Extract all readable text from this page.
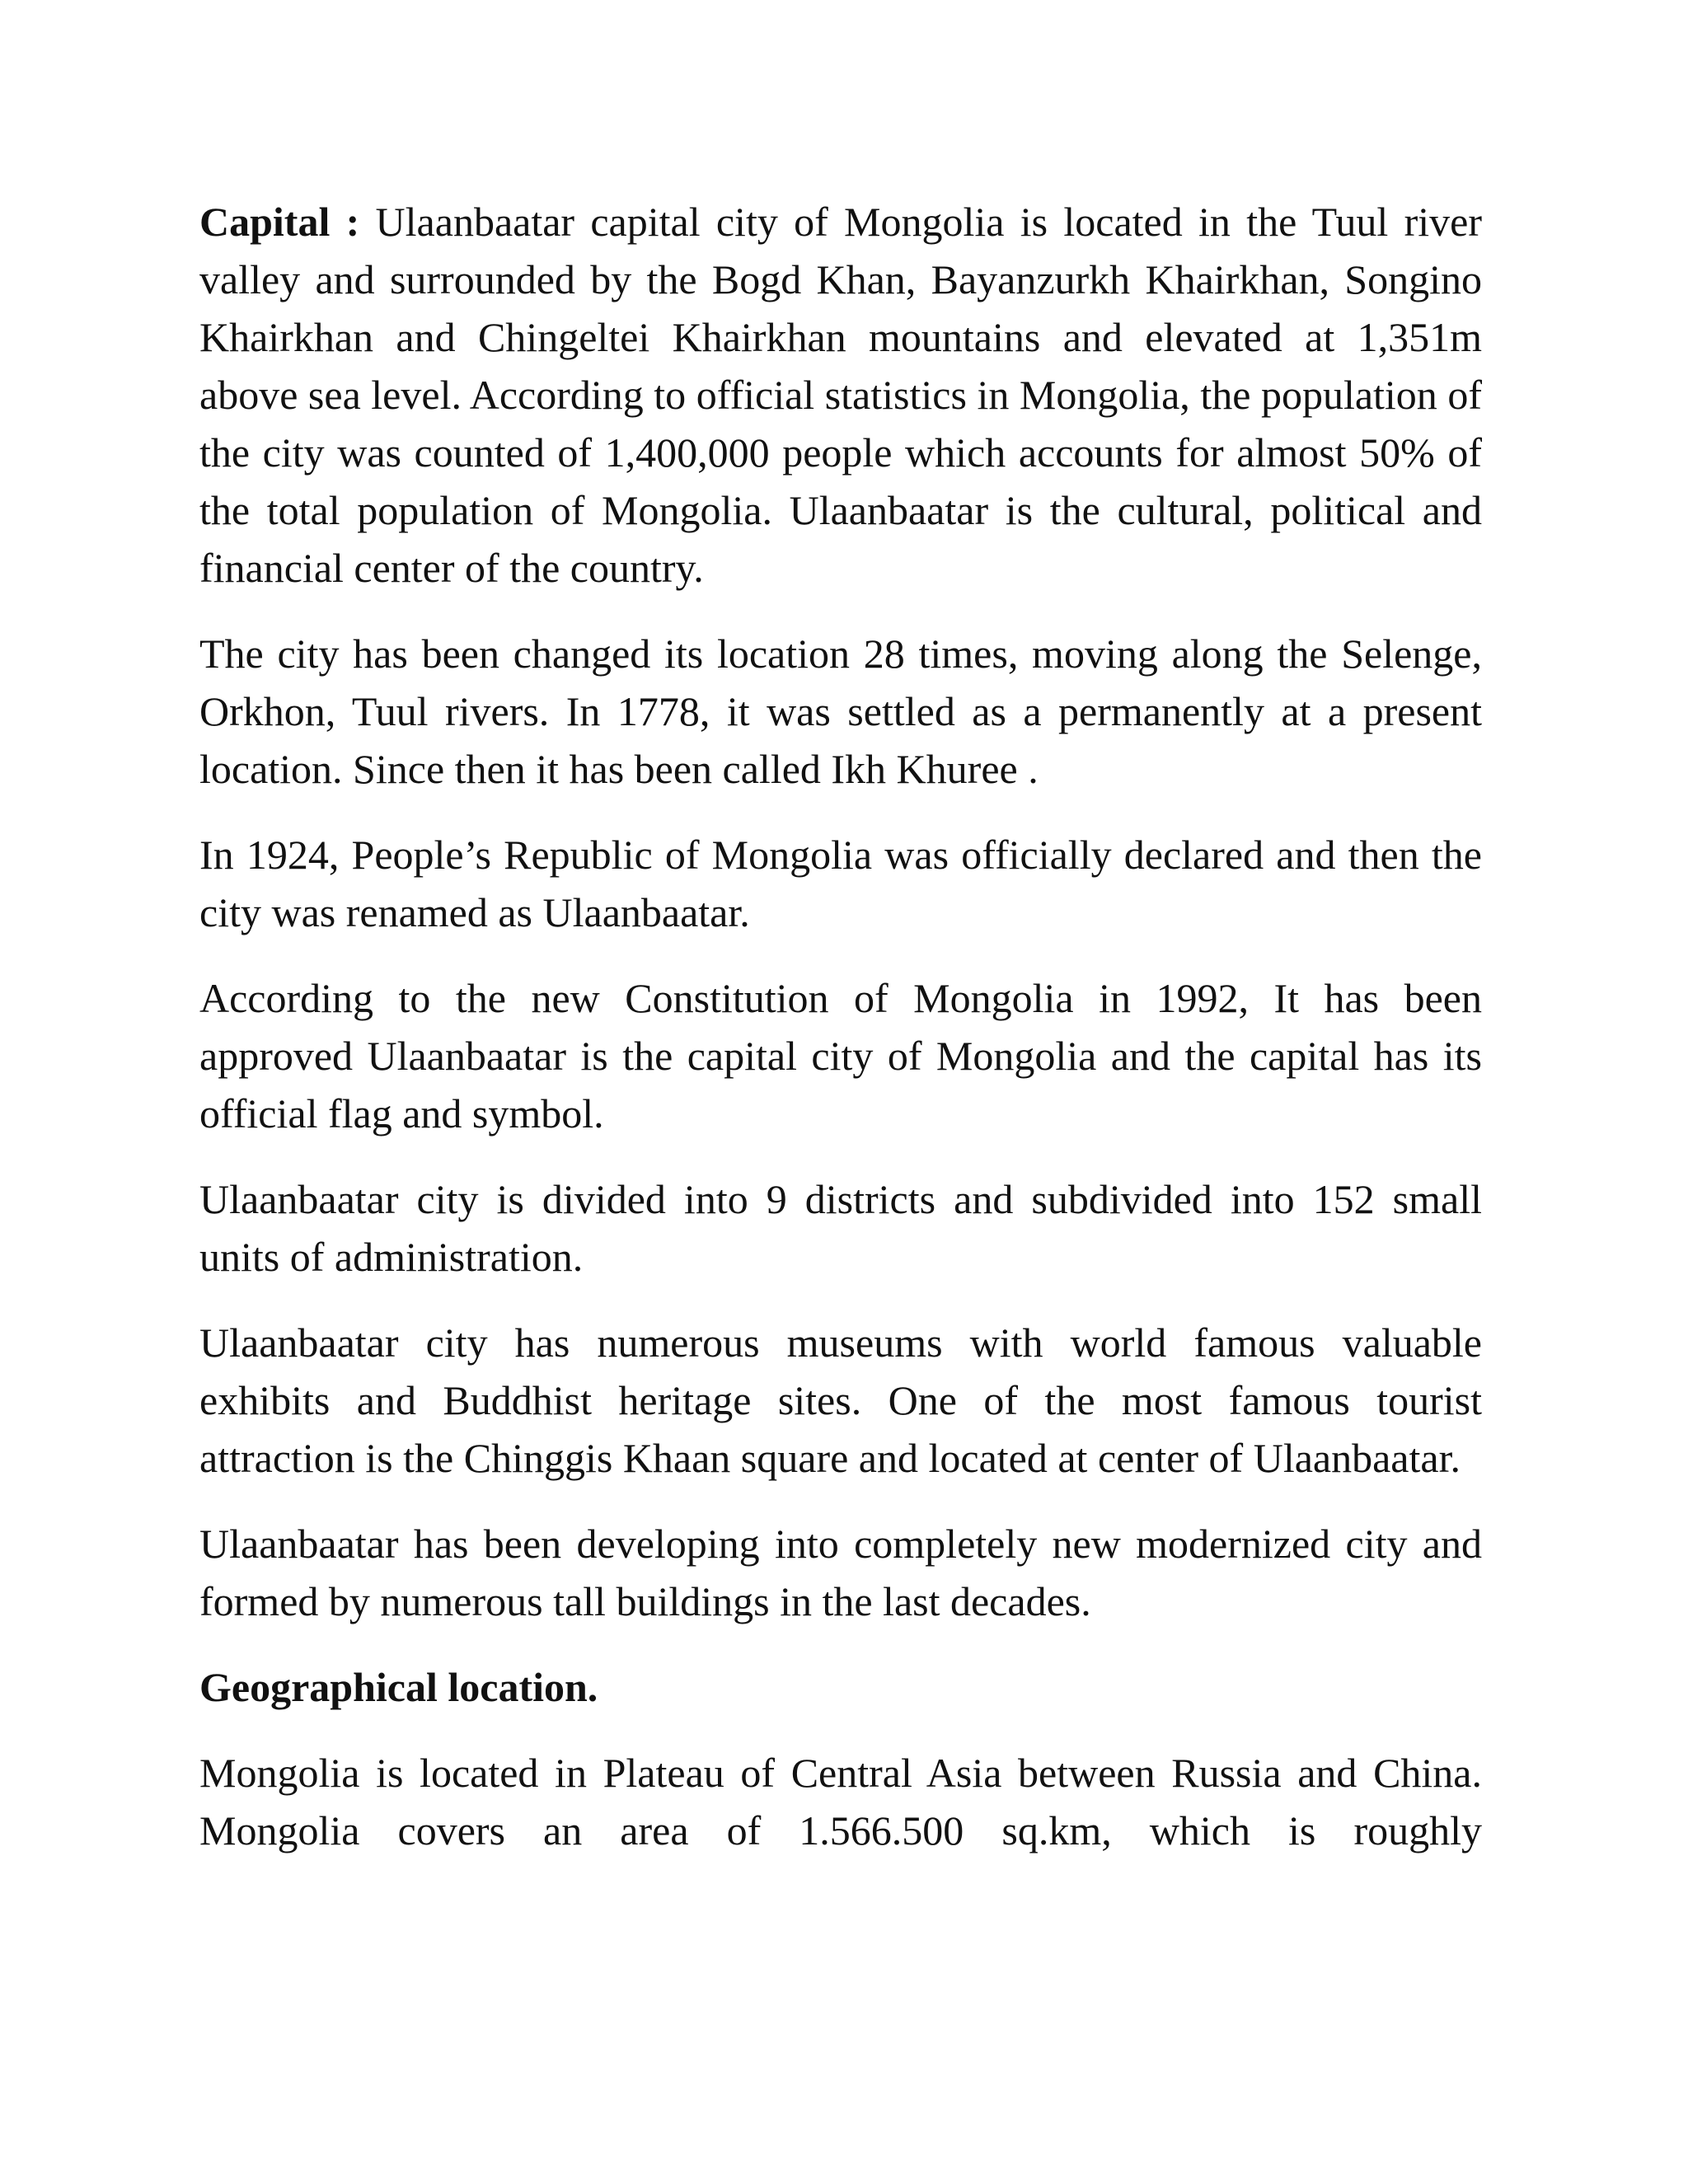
Capital : Ulaanbaatar capital city of Mongolia is located in the Tuul river valley and surrounded by the Bogd Khan, Bayanzurkh Khairkhan, Songino Khairkhan and Chingeltei Khairkhan mountains and elevated at 1,351m above sea level. According to official statistics in Mongolia, the population of the city was counted of 1,400,000 people which accounts for almost 50% of the total population of Mongolia. Ulaanbaatar is the cultural, political and financial center of the country.

The city has been changed its location 28 times, moving along the Selenge, Orkhon, Tuul rivers. In 1778, it was settled as a permanently at a present location. Since then it has been called Ikh Khuree .

In 1924, People’s Republic of Mongolia was officially declared and then the city was renamed as Ulaanbaatar.

According to the new Constitution of Mongolia in 1992, It has been approved Ulaanbaatar is the capital city of Mongolia and the capital has its official flag and symbol.

Ulaanbaatar city is divided into 9 districts and subdivided into 152 small units of administration.

Ulaanbaatar city has numerous museums with world famous valuable exhibits and Buddhist heritage sites. One of the most famous tourist attraction is the Chinggis Khaan square and located at center of Ulaanbaatar.

Ulaanbaatar has been developing into completely new modernized city and formed by numerous tall buildings in the last decades.

Geographical location.

Mongolia is located in Plateau of Central Asia between Russia and China. Mongolia covers an area of 1.566.500 sq.km, which is roughly
